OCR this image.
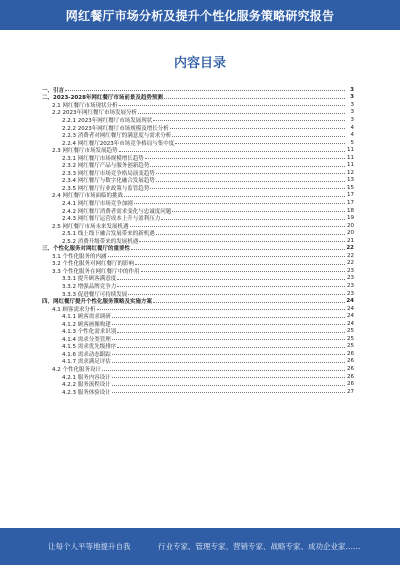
网红餐厅市场分析及提升个性化服务策略研究报告
内容目录
一、引言	3
二、2023-2028年网红餐厅市场前景及趋势预测	3
2.1 网红餐厅市场现状分析	3
2.2 2023年网红餐厅市场发展分析	3
2.2.1 2023年网红餐厅市场发展现状	3
2.2.2 2023年网红餐厅市场规模及增长分析	4
2.2.3 消费者对网红餐厅的满意度与需求分析	4
2.2.4 网红餐厅2023年市场竞争格局与集中度	5
2.3 网红餐厅市场发展趋势	11
2.3.1 网红餐厅市场规模增长趋势	11
2.3.2 网红餐厅产品与服务创新趋势	11
2.3.3 网红餐厅市场竞争格局演变趋势	12
2.3.4 网红餐厅与数字化融合发展趋势	13
2.3.5 网红餐厅行业政策与监管趋势	15
2.4 网红餐厅市场面临的挑战	17
2.4.1 网红餐厅市场竞争加剧	17
2.4.2 网红餐厅消费者需求变化与忠诚度问题	18
2.4.3 网红餐厅运营成本上升与盈利压力	19
2.5 网红餐厅市场未来发展机遇	20
2.5.1 线上线下融合发展带来的新机遇	20
2.5.2 消费升级带来的发展机遇	21
三、个性化服务对网红餐厅的重要性	22
3.1 个性化服务的内涵	22
3.2 个性化服务对网红餐厅的影响	22
3.3 个性化服务在网红餐厅中的作用	23
3.3.1 提升顾客满意度	23
3.3.2 增强品牌竞争力	23
3.3.3 促进餐厅可持续发展	23
四、网红餐厅提升个性化服务策略及实施方案	24
4.1 顾客需求分析	24
4.1.1 顾客需求调研	24
4.1.2 顾客画像构建	24
4.1.3 个性化需求识别	25
4.1.4 需求分类管理	25
4.1.5 需求优先级排序	25
4.1.6 需求动态跟踪	26
4.1.7 需求满足评估	26
4.2 个性化服务设计	26
4.2.1 服务内容设计	26
4.2.2 服务流程设计	26
4.2.3 服务体验设计	27
让每个人平等地提升自我	行业专家、管理专家、营销专家、战略专家、成功企业家……
